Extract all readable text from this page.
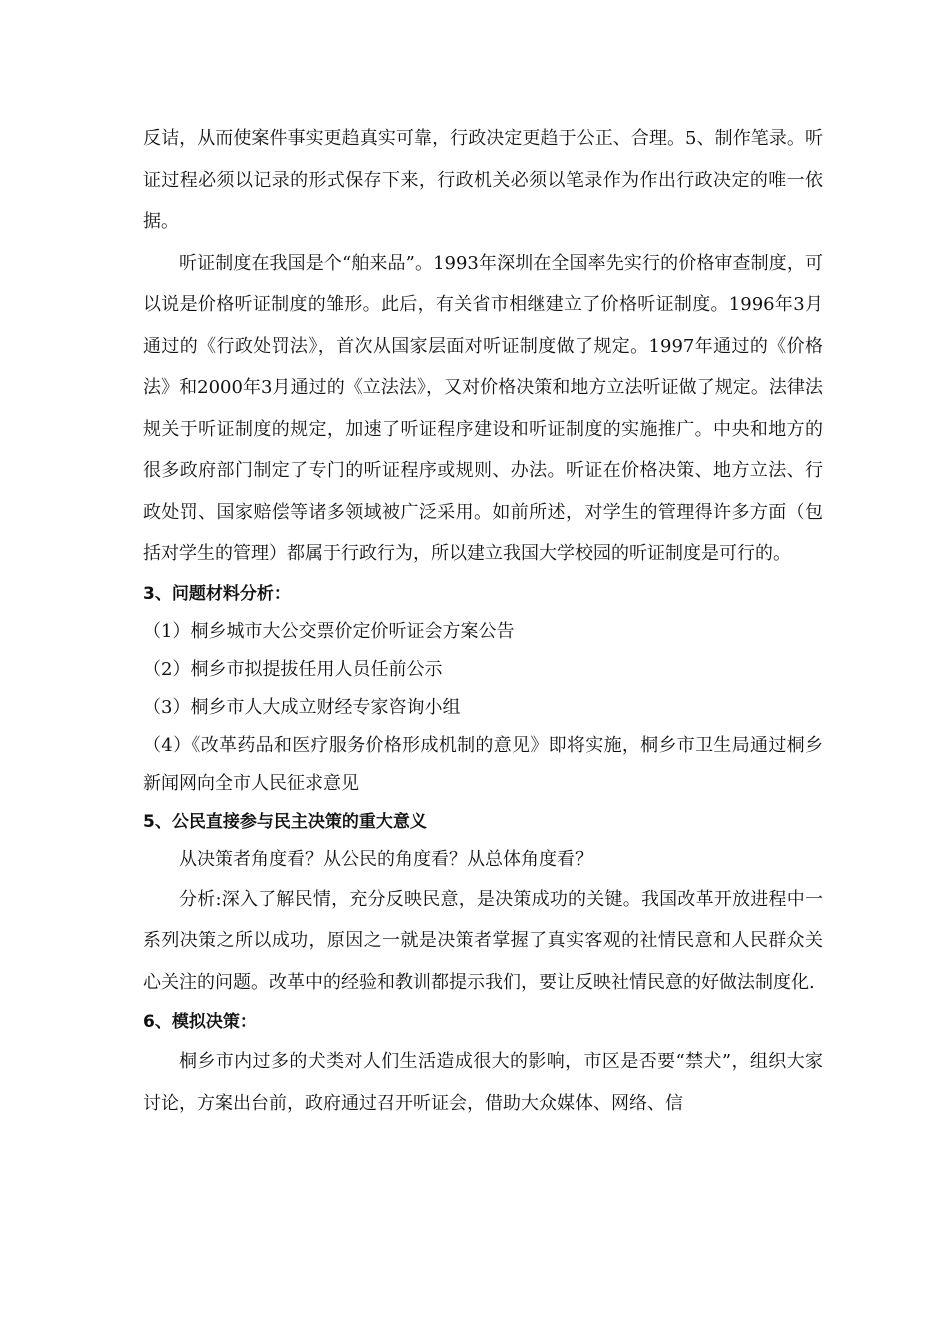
反诘，从而使案件事实更趋真实可靠，行政决定更趋于公正、合理。5、制作笔录。听证过程必须以记录的形式保存下来，行政机关必须以笔录作为作出行政决定的唯一依据。

听证制度在我国是个“舶来品”。1993年深圳在全国率先实行的价格审查制度，可以说是价格听证制度的雏形。此后，有关省市相继建立了价格听证制度。1996年3月通过的《行政处罚法》，首次从国家层面对听证制度做了规定。1997年通过的《价格法》和2000年3月通过的《立法法》，又对价格决策和地方立法听证做了规定。法律法规关于听证制度的规定，加速了听证程序建设和听证制度的实施推广。中央和地方的很多政府部门制定了专门的听证程序或规则、办法。听证在价格决策、地方立法、行政处罚、国家赔偿等诸多领域被广泛采用。如前所述，对学生的管理得许多方面（包括对学生的管理）都属于行政行为，所以建立我国大学校园的听证制度是可行的。

3、问题材料分析：

（1）桐乡城市大公交票价定价听证会方案公告

（2）桐乡市拟提拔任用人员任前公示

（3）桐乡市人大成立财经专家咨询小组

（4）《改革药品和医疗服务价格形成机制的意见》即将实施，桐乡市卫生局通过桐乡新闻网向全市人民征求意见

5、公民直接参与民主决策的重大意义

从决策者角度看？从公民的角度看？从总体角度看？

分析:深入了解民情，充分反映民意，是决策成功的关键。我国改革开放进程中一系列决策之所以成功，原因之一就是决策者掌握了真实客观的社情民意和人民群众关心关注的问题。改革中的经验和教训都提示我们，要让反映社情民意的好做法制度化.

6、模拟决策：

桐乡市内过多的犬类对人们生活造成很大的影响，市区是否要“禁犬”，组织大家讨论，方案出台前，政府通过召开听证会，借助大众媒体、网络、信
